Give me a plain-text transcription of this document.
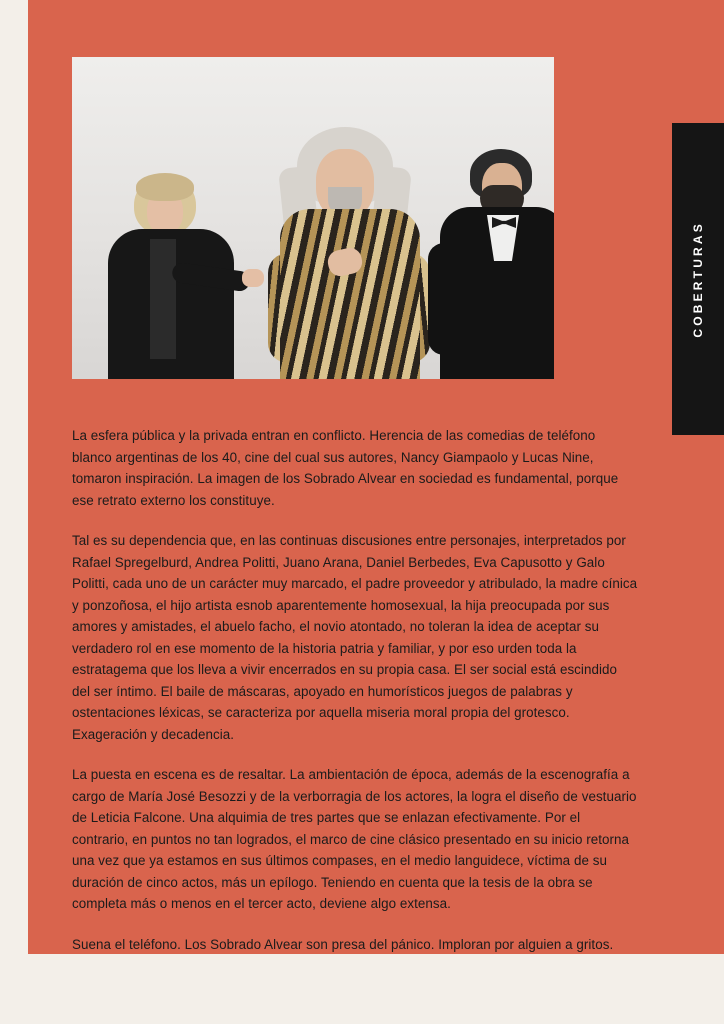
COBERTURAS

La esfera pública y la privada entran en conflicto. Herencia de las comedias de teléfono blanco argentinas de los 40, cine del cual sus autores, Nancy Giampaolo y Lucas Nine, tomaron inspiración. La imagen de los Sobrado Alvear en sociedad es fundamental, porque ese retrato externo los constituye.

Tal es su dependencia que, en las continuas discusiones entre personajes, interpretados por Rafael Spregelburd, Andrea Politti, Juano Arana, Daniel Berbedes, Eva Capusotto y Galo Politti, cada uno de un carácter muy marcado, el padre proveedor y atribulado, la madre cínica y ponzoñosa, el hijo artista esnob aparentemente homosexual, la hija preocupada por sus amores y amistades, el abuelo facho, el novio atontado, no toleran la idea de aceptar su verdadero rol en ese momento de la historia patria y familiar, y por eso urden toda la estratagema que los lleva a vivir encerrados en su propia casa. El ser social está escindido del ser íntimo. El baile de máscaras, apoyado en humorísticos juegos de palabras y ostentaciones léxicas, se caracteriza por aquella miseria moral propia del grotesco. Exageración y decadencia.

La puesta en escena es de resaltar. La ambientación de época, además de la escenografía a cargo de María José Besozzi y de la verborragia de los actores, la logra el diseño de vestuario de Leticia Falcone. Una alquimia de tres partes que se enlazan efectivamente. Por el contrario, en puntos no tan logrados, el marco de cine clásico presentado en su inicio retorna una vez que ya estamos en sus últimos compases, en el medio languidece, víctima de su duración de cinco actos, más un epílogo. Teniendo en cuenta que la tesis de la obra se completa más o menos en el tercer acto, deviene algo extensa.

Suena el teléfono. Los Sobrado Alvear son presa del pánico. Imploran por alguien a gritos.
